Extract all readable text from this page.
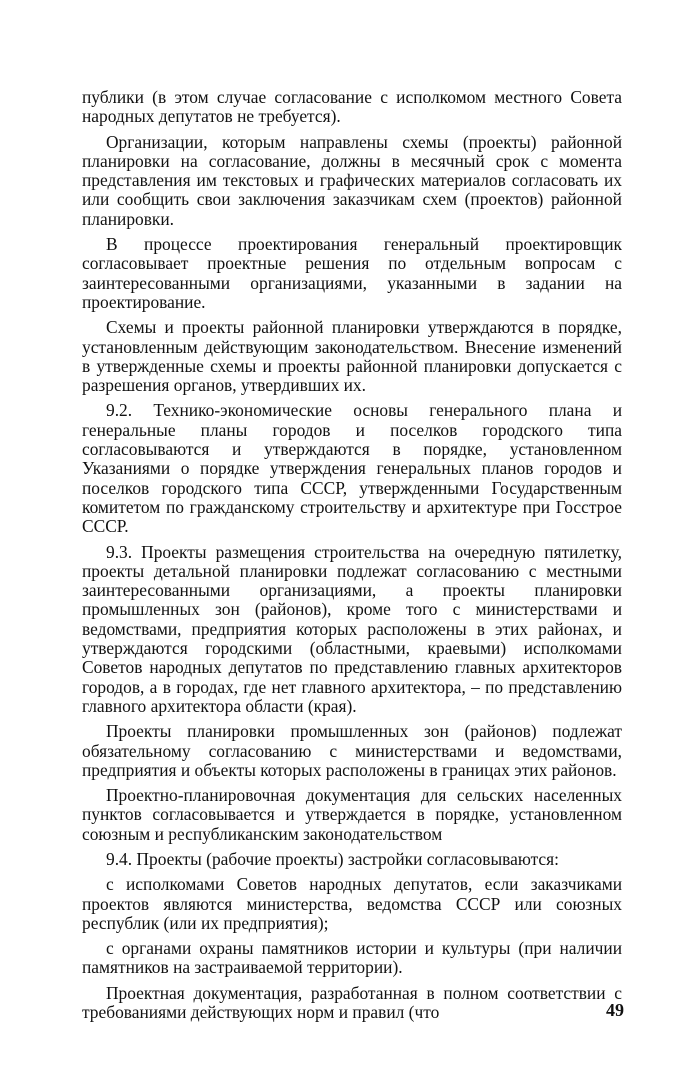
публики (в этом случае согласование с исполкомом местного Совета народных депутатов не требуется).

Организации, которым направлены схемы (проекты) районной планировки на согласование, должны в месячный срок с момента представления им текстовых и графических материалов согласовать их или сообщить свои заключения заказчикам схем (проектов) районной планировки.

В процессе проектирования генеральный проектировщик согласовывает проектные решения по отдельным вопросам с заинтересованными организациями, указанными в задании на проектирование.

Схемы и проекты районной планировки утверждаются в порядке, установленным действующим законодательством. Внесение изменений в утвержденные схемы и проекты районной планировки допускается с разрешения органов, утвердивших их.

9.2. Технико-экономические основы генерального плана и генеральные планы городов и поселков городского типа согласовываются и утверждаются в порядке, установленном Указаниями о порядке утверждения генеральных планов городов и поселков городского типа СССР, утвержденными Государственным комитетом по гражданскому строительству и архитектуре при Госстрое СССР.

9.3. Проекты размещения строительства на очередную пятилетку, проекты детальной планировки подлежат согласованию с местными заинтересованными организациями, а проекты планировки промышленных зон (районов), кроме того с министерствами и ведомствами, предприятия которых расположены в этих районах, и утверждаются городскими (областными, краевыми) исполкомами Советов народных депутатов по представлению главных архитекторов городов, а в городах, где нет главного архитектора, – по представлению главного архитектора области (края).

Проекты планировки промышленных зон (районов) подлежат обязательному согласованию с министерствами и ведомствами, предприятия и объекты которых расположены в границах этих районов.

Проектно-планировочная документация для сельских населенных пунктов согласовывается и утверждается в порядке, установленном союзным и республиканским законодательством

9.4. Проекты (рабочие проекты) застройки согласовываются:

с исполкомами Советов народных депутатов, если заказчиками проектов являются министерства, ведомства СССР или союзных республик (или их предприятия);

с органами охраны памятников истории и культуры (при наличии памятников на застраиваемой территории).

Проектная документация, разработанная в полном соответствии с требованиями действующих норм и правил (что	49
